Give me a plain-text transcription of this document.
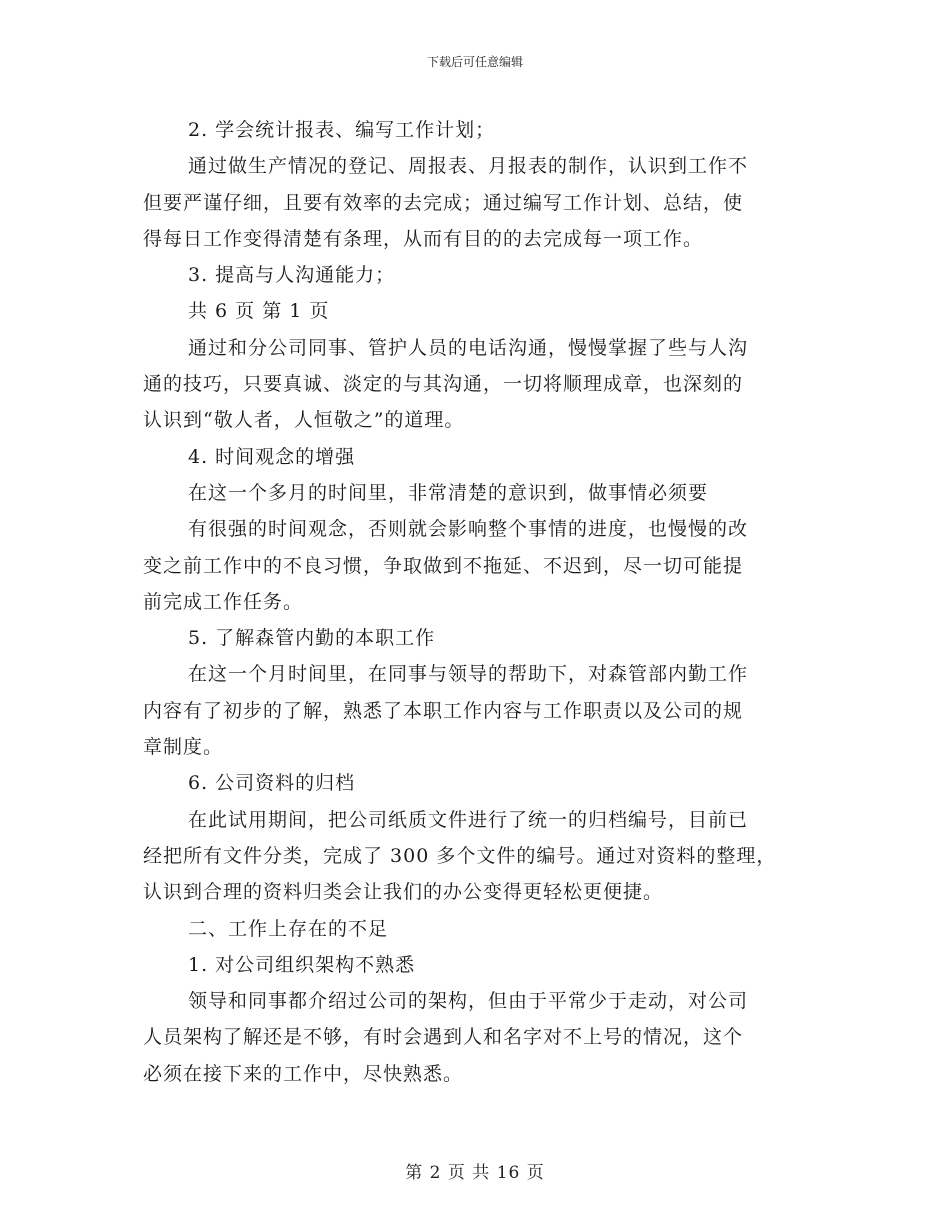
下载后可任意编辑
2. 学会统计报表、编写工作计划；
通过做生产情况的登记、周报表、月报表的制作，认识到工作不
但要严谨仔细，且要有效率的去完成；通过编写工作计划、总结，使
得每日工作变得清楚有条理，从而有目的的去完成每一项工作。
3. 提高与人沟通能力；
共 6 页 第 1 页
通过和分公司同事、管护人员的电话沟通，慢慢掌握了些与人沟
通的技巧，只要真诚、淡定的与其沟通，一切将顺理成章，也深刻的
认识到“敬人者，人恒敬之”的道理。
4. 时间观念的增强
在这一个多月的时间里，非常清楚的意识到，做事情必须要
有很强的时间观念，否则就会影响整个事情的进度，也慢慢的改
变之前工作中的不良习惯，争取做到不拖延、不迟到，尽一切可能提
前完成工作任务。
5. 了解森管内勤的本职工作
在这一个月时间里，在同事与领导的帮助下，对森管部内勤工作
内容有了初步的了解，熟悉了本职工作内容与工作职责以及公司的规
章制度。
6. 公司资料的归档
在此试用期间，把公司纸质文件进行了统一的归档编号，目前已
经把所有文件分类，完成了 300 多个文件的编号。通过对资料的整理，
认识到合理的资料归类会让我们的办公变得更轻松更便捷。
二、工作上存在的不足
1. 对公司组织架构不熟悉
领导和同事都介绍过公司的架构，但由于平常少于走动，对公司
人员架构了解还是不够，有时会遇到人和名字对不上号的情况，这个
必须在接下来的工作中，尽快熟悉。
第 2 页 共 16 页
